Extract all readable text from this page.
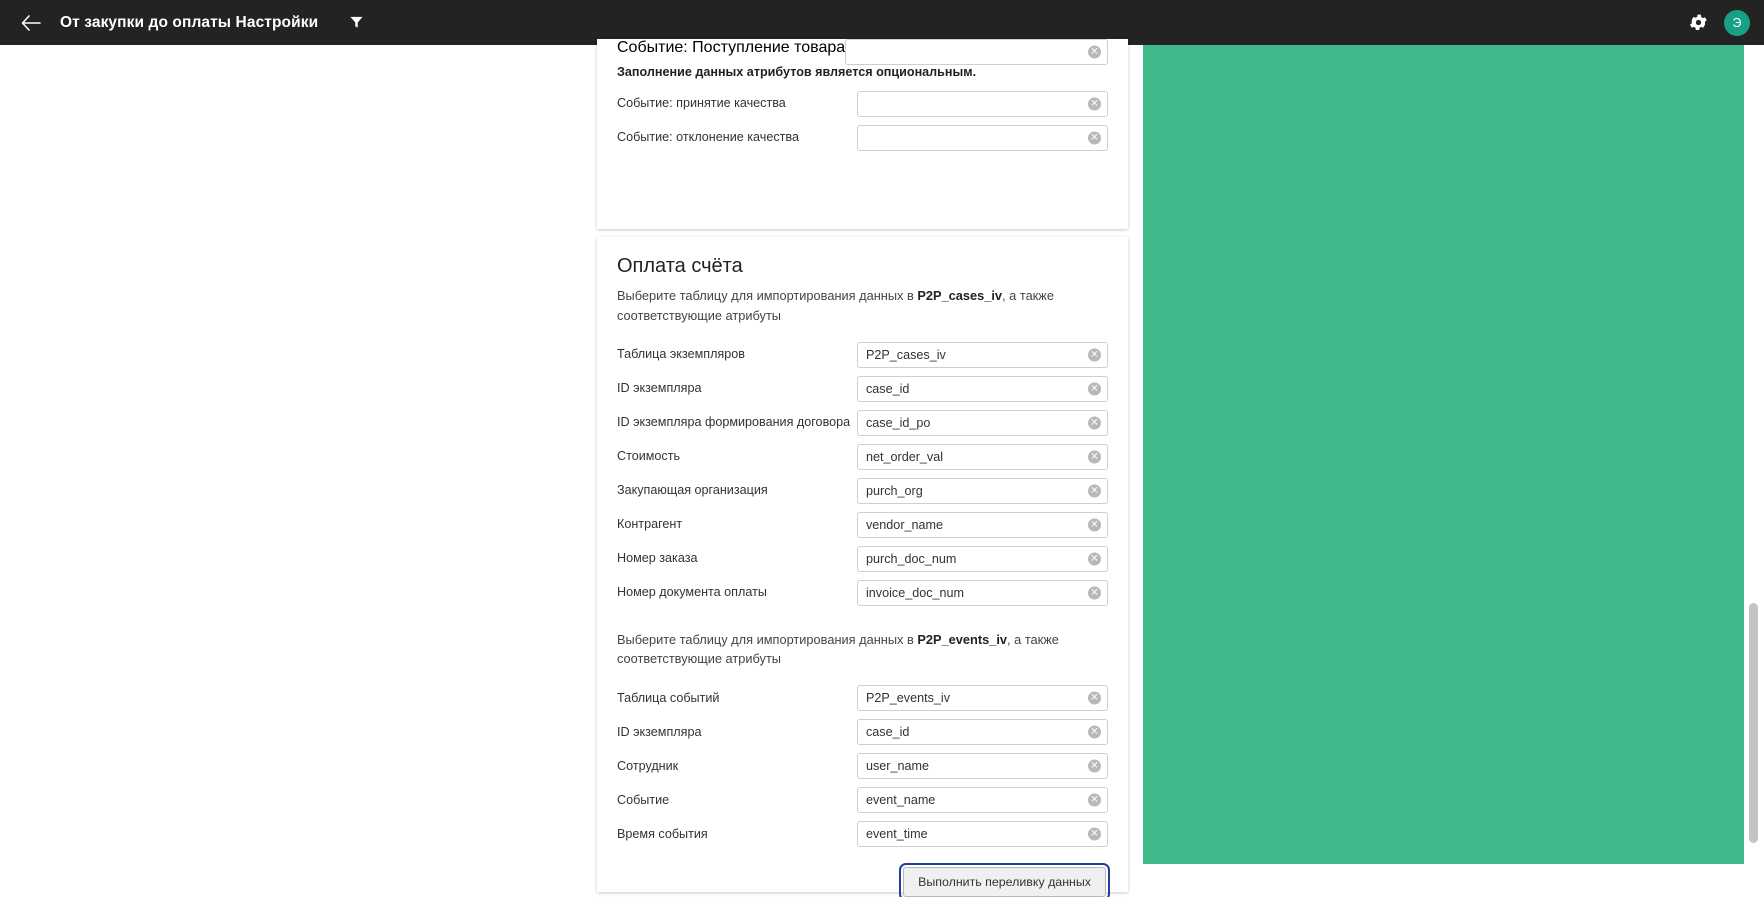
От закупки до оплаты Настройки	Э
Событие: Поступление товара	✕
Заполнение данных атрибутов является опциональным.
Событие: принятие качества	✕
Событие: отклонение качества	✕
Оплата счёта

Выберите таблицу для импортирования данных в P2P_cases_iv, а также соответствующие атрибуты

Таблица экземпляров	P2P_cases_iv	✕
ID экземпляра	case_id	✕
ID экземпляра формирования договора	case_id_po	✕
Стоимость	net_order_val	✕
Закупающая организация	purch_org	✕
Контрагент	vendor_name	✕
Номер заказа	purch_doc_num	✕
Номер документа оплаты	invoice_doc_num	✕

Выберите таблицу для импортирования данных в P2P_events_iv, а также соответствующие атрибуты

Таблица событий	P2P_events_iv	✕
ID экземпляра	case_id	✕
Сотрудник	user_name	✕
Событие	event_name	✕
Время события	event_time	✕
Выполнить переливку данных
